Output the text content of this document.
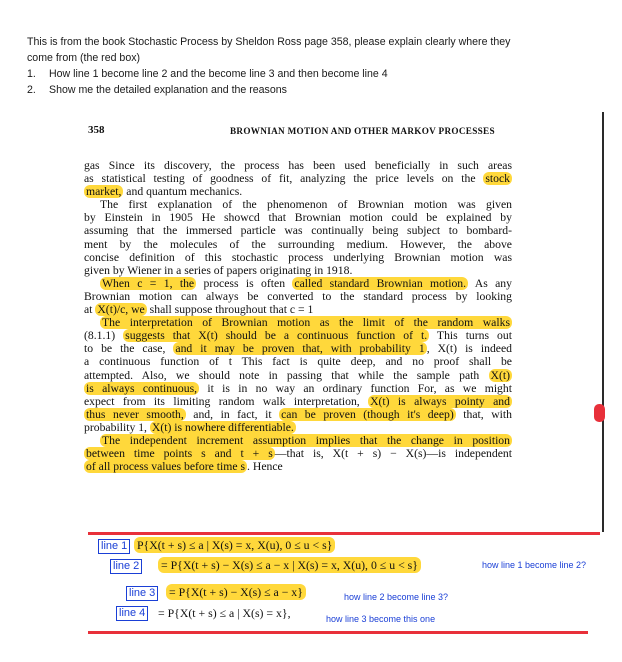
This is from the book Stochastic Process by Sheldon Ross page 358, please explain clearly where they
come from (the red box)
1. How line 1 become line 2 and the become line 3 and then become line 4
2. Show me the detailed explanation and the reasons
358	BROWNIAN MOTION AND OTHER MARKOV PROCESSES
gas Since its discovery, the process has been used beneficially in such areas
as statistical testing of goodness of fit, analyzing the price levels on the stock
market, and quantum mechanics.
The first explanation of the phenomenon of Brownian motion was given
by Einstein in 1905 He showcd that Brownian motion could be explained by
assuming that the immersed particle was continually being subject to bombard-
ment by the molecules of the surrounding medium. However, the above
concise definition of this stochastic process underlying Brownian motion was
given by Wiener in a series of papers originating in 1918.
When c = 1, the process is often called standard Brownian motion. As any
Brownian motion can always be converted to the standard process by looking
at X(t)/c, we shall suppose throughout that c = 1
The interpretation of Brownian motion as the limit of the random walks
(8.1.1) suggests that X(t) should be a continuous function of t. This turns out
to be the case, and it may be proven that, with probability 1 , X(t) is indeed
a continuous function of t This fact is quite deep, and no proof shall be
attempted. Also, we should note in passing that while the sample path X(t)
is always continuous, it is in no way an ordinary function For, as we might
expect from its limiting random walk interpretation, X(t) is always pointy and
thus never smooth, and, in fact, it can be proven (though it's deep) that, with
probability 1, X(t) is nowhere differentiable.
The independent increment assumption implies that the change in position
between time points s and t + s —that is, X(t + s) − X(s)—is independent
of all process values before time s . Hence
line 1 P{X(t + s) ≤ a | X(s) = x, X(u), 0 ≤ u < s}
line 2 = P{X(t + s) − X(s) ≤ a − x | X(s) = x, X(u), 0 ≤ u < s}	how line 1 become line 2?
line 3 = P{X(t + s) − X(s) ≤ a − x}	how line 2 become line 3?
line 4 = P{X(t + s) ≤ a | X(s) = x},	how line 3 become this one
